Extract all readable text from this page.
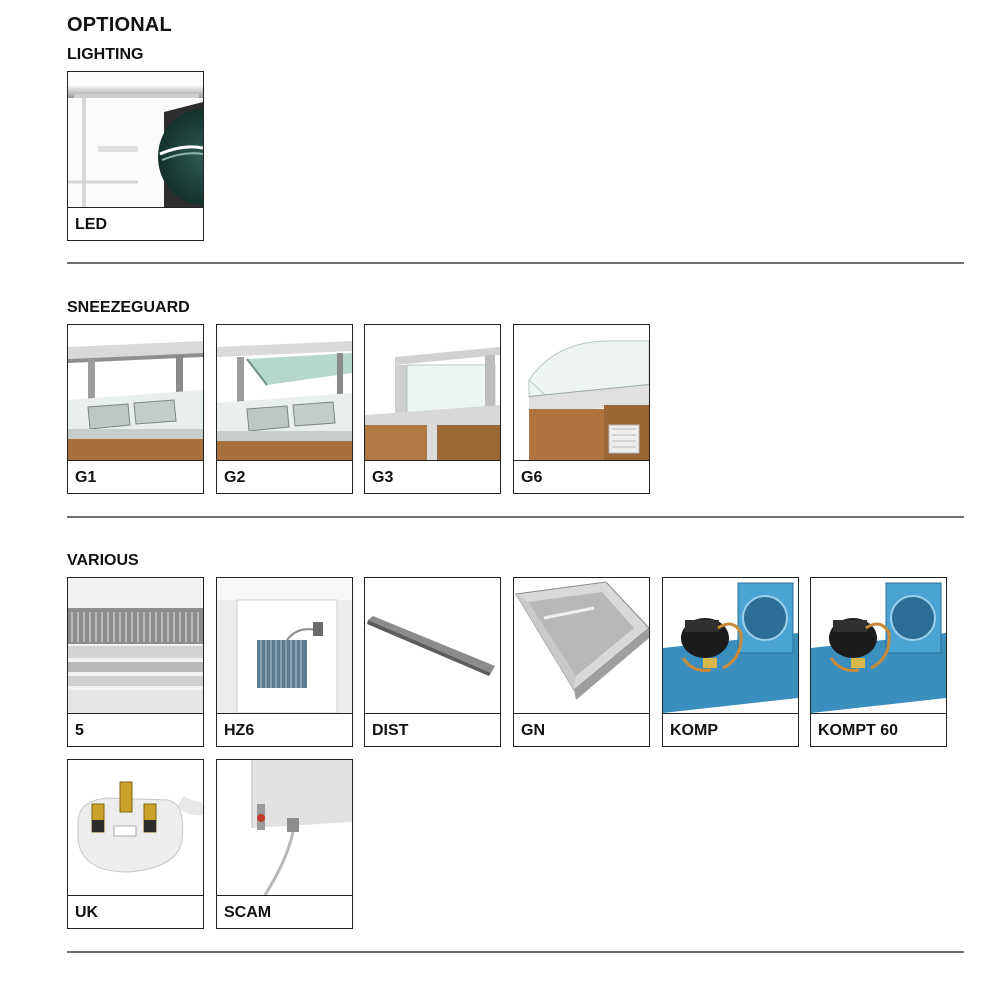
OPTIONAL
LIGHTING
LED
SNEEZEGUARD
G1	G2	G3	G6
VARIOUS
5	HZ6	DIST	GN	KOMP	KOMPT 60
UK	SCAM
